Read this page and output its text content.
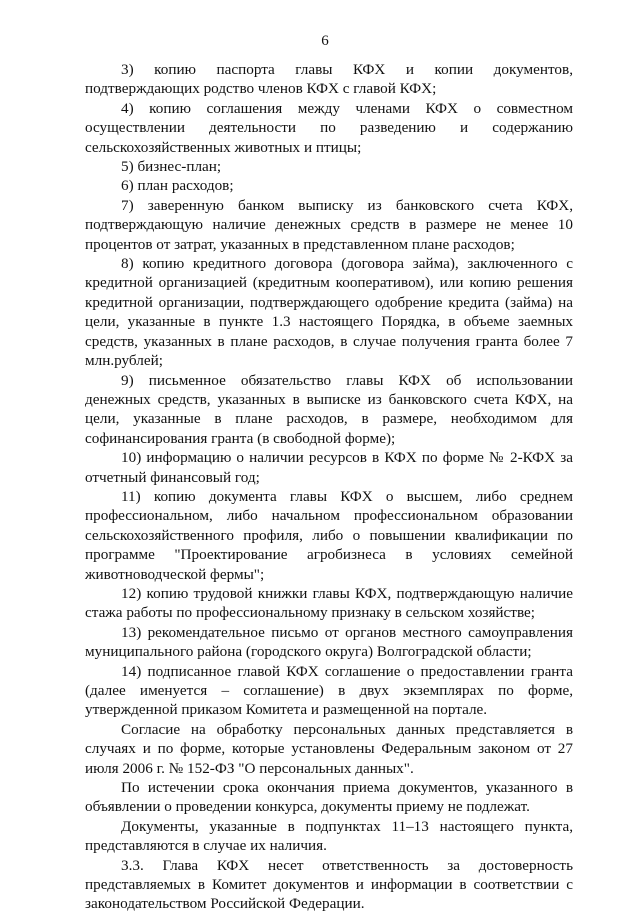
6

3) копию паспорта главы КФХ и копии документов, подтверждающих родство членов КФХ с главой КФХ;

4) копию соглашения между членами КФХ о совместном осуществлении деятельности по разведению и содержанию сельскохозяйственных животных и птицы;

5) бизнес-план;

6) план расходов;

7) заверенную банком выписку из банковского счета КФХ, подтверждающую наличие денежных средств в размере не менее 10 процентов от затрат, указанных в представленном плане расходов;

8) копию кредитного договора (договора займа), заключенного с кредитной организацией (кредитным кооперативом), или копию решения кредитной организации, подтверждающего одобрение кредита (займа) на цели, указанные в пункте 1.3 настоящего Порядка, в объеме заемных средств, указанных в плане расходов, в случае получения гранта более 7 млн.рублей;

9) письменное обязательство главы КФХ об использовании денежных средств, указанных в выписке из банковского счета КФХ, на цели, указанные в плане расходов, в размере, необходимом для софинансирования гранта (в свободной форме);

10) информацию о наличии ресурсов в КФХ по форме № 2-КФХ за отчетный финансовый год;

11) копию документа главы КФХ о высшем, либо среднем профессиональном, либо начальном профессиональном образовании сельскохозяйственного профиля, либо о повышении квалификации по программе "Проектирование агробизнеса в условиях семейной животноводческой фермы";

12) копию трудовой книжки главы КФХ, подтверждающую наличие стажа работы по профессиональному признаку в сельском хозяйстве;

13) рекомендательное письмо от органов местного самоуправления муниципального района (городского округа) Волгоградской области;

14) подписанное главой КФХ соглашение о предоставлении гранта (далее именуется – соглашение) в двух экземплярах по форме, утвержденной приказом Комитета и размещенной на портале.

Согласие на обработку персональных данных представляется в случаях и по форме, которые установлены Федеральным законом от 27 июля 2006 г. № 152-ФЗ "О персональных данных".

По истечении срока окончания приема документов, указанного в объявлении о проведении конкурса, документы приему не подлежат.

Документы, указанные в подпунктах 11–13 настоящего пункта, представляются в случае их наличия.

3.3. Глава КФХ несет ответственность за достоверность представляемых в Комитет документов и информации в соответствии с законодательством Российской Федерации.
